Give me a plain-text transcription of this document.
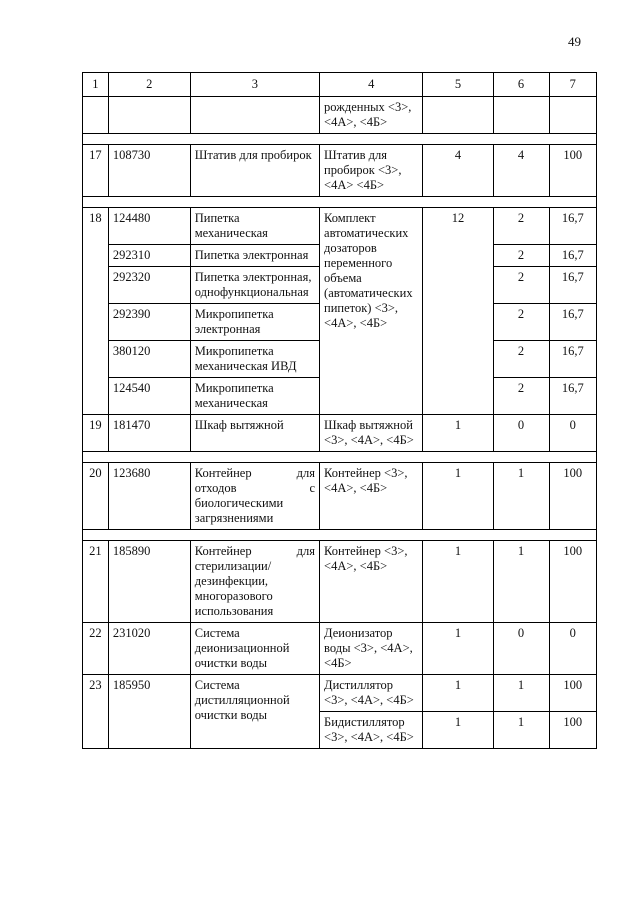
49
1	2	3	4	5	6	7
			рожденных <3>, <4А>, <4Б>			

17	108730	Штатив для пробирок	Штатив для пробирок <3>, <4А> <4Б>	4	4	100

18	124480	Пипетка механическая	Комплект автоматических дозаторов переменного объема (автоматических пипеток) <3>, <4А>, <4Б>	12	2	16,7
	292310	Пипетка электронная			2	16,7
	292320	Пипетка электронная, однофункциональная			2	16,7
	292390	Микропипетка электронная			2	16,7
	380120	Микропипетка механическая ИВД			2	16,7
	124540	Микропипетка механическая			2	16,7
19	181470	Шкаф вытяжной	Шкаф вытяжной <3>, <4А>, <4Б>	1	0	0

20	123680	Контейнер для отходов с биологическими загрязнениями	Контейнер <3>, <4А>, <4Б>	1	1	100

21	185890	Контейнер для стерилизации/дезинфекции, многоразового использования	Контейнер <3>, <4А>, <4Б>	1	1	100
22	231020	Система деионизационной очистки воды	Деионизатор воды <3>, <4А>, <4Б>	1	0	0
23	185950	Система дистилляционной очистки воды	Дистиллятор <3>, <4А>, <4Б>	1	1	100
			Бидистиллятор <3>, <4А>, <4Б>	1	1	100
